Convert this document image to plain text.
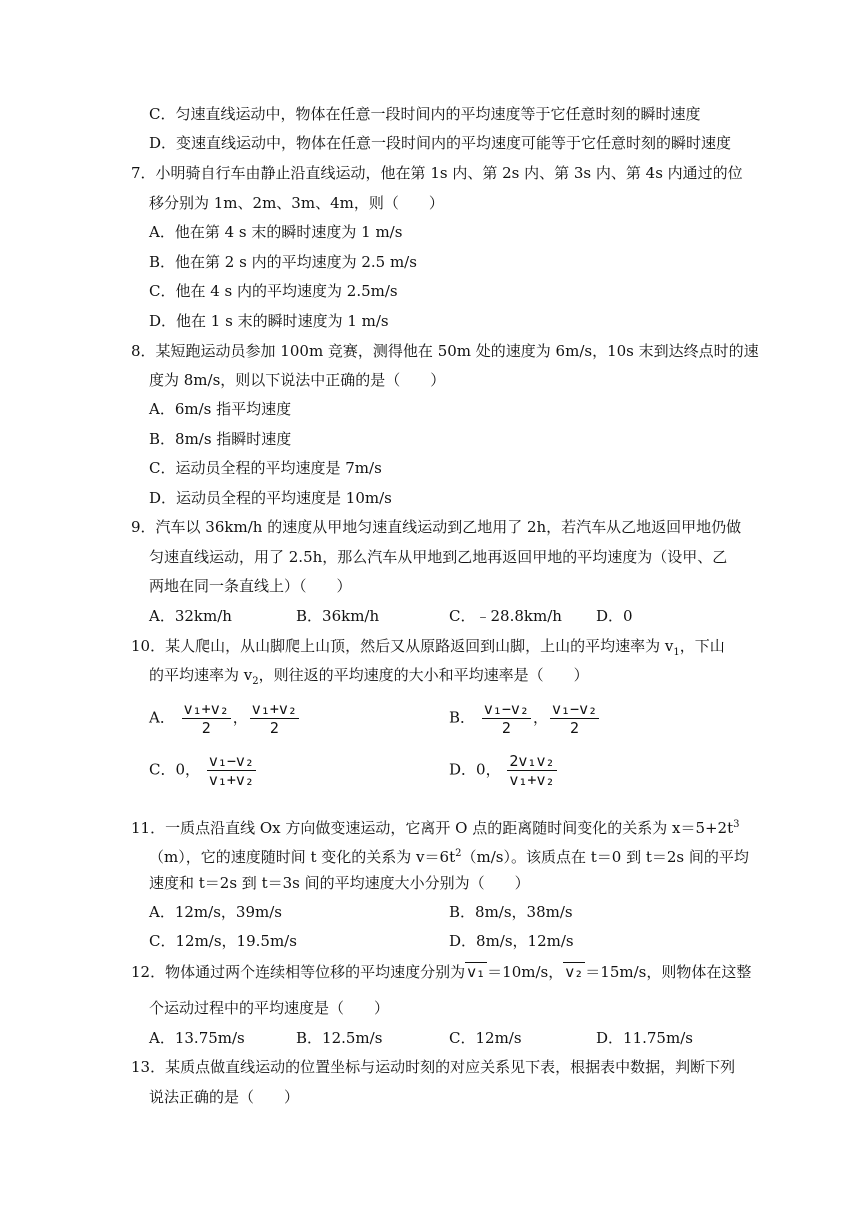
C．匀速直线运动中，物体在任意一段时间内的平均速度等于它任意时刻的瞬时速度
D．变速直线运动中，物体在任意一段时间内的平均速度可能等于它任意时刻的瞬时速度
7．小明骑自行车由静止沿直线运动，他在第 1s 内、第 2s 内、第 3s 内、第 4s 内通过的位
移分别为 1m、2m、3m、4m，则（　　）
A．他在第 4 s 末的瞬时速度为 1 m/s
B．他在第 2 s 内的平均速度为 2.5 m/s
C．他在 4 s 内的平均速度为 2.5m/s
D．他在 1 s 末的瞬时速度为 1 m/s
8．某短跑运动员参加 100m 竞赛，测得他在 50m 处的速度为 6m/s，10s 末到达终点时的速
度为 8m/s，则以下说法中正确的是（　　）
A．6m/s 指平均速度
B．8m/s 指瞬时速度
C．运动员全程的平均速度是 7m/s
D．运动员全程的平均速度是 10m/s
9．汽车以 36km/h 的速度从甲地匀速直线运动到乙地用了 2h，若汽车从乙地返回甲地仍做
匀速直线运动，用了 2.5h，那么汽车从甲地到乙地再返回甲地的平均速度为（设甲、乙
两地在同一条直线上）（　　）
A．32km/h	B．36km/h	C．﹣28.8km/h D．0
10．某人爬山，从山脚爬上山顶，然后又从原路返回到山脚，上山的平均速率为 $v_1$，下山
的平均速率为 $v_2$，则往返的平均速度的大小和平均速率是（　　）
A． $\frac{\text{v₁+v₂}}{2}$ ， $\frac{\text{v₁+v₂}}{2}$	B． $\frac{\text{v₁−v₂}}{2}$ ， $\frac{\text{v₁−v₂}}{2}$
C．0， $\frac{\text{v₁−v₂}}{\text{v₁+v₂}}$	D．0， $\frac{\text{2v₁v₂}}{\text{v₁+v₂}}$
11．一质点沿直线 Ox 方向做变速运动，它离开 O 点的距离随时间变化的关系为 $x=5+2t^3$
（m），它的速度随时间 t 变化的关系为 $v=6t^2(m/s)$。该质点在 t＝0 到 t＝2s 间的平均
速度和 t＝2s 到 t＝3s 间的平均速度大小分别为（　　）
A．12m/s，39m/s	B．8m/s，38m/s
C．12m/s，19.5m/s	D．8m/s，12m/s
12．物体通过两个连续相等位移的平均速度分别为 v₁ ＝10m/s， v₂ ＝15m/s，则物体在这整
个运动过程中的平均速度是（　　）
A．13.75m/s	B．12.5m/s	C．12m/s	D．11.75m/s
13．某质点做直线运动的位置坐标与运动时刻的对应关系见下表，根据表中数据，判断下列
说法正确的是（　　）
